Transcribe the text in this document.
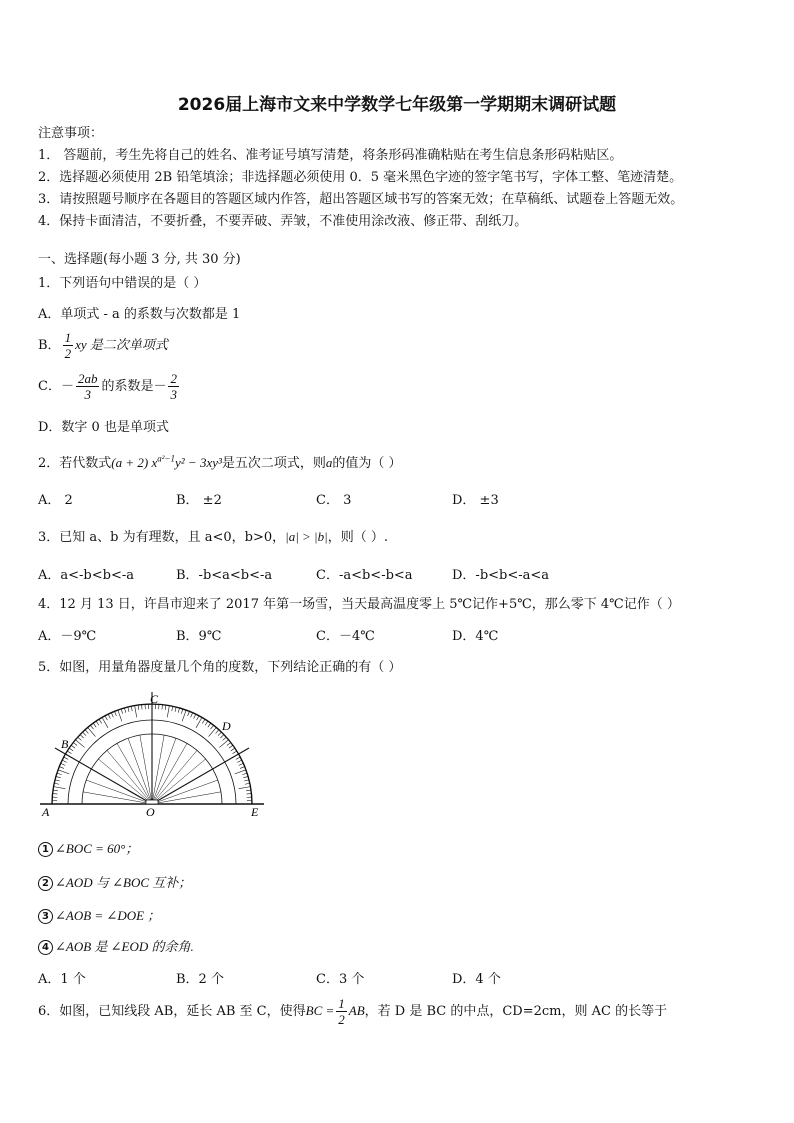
2026届上海市文来中学数学七年级第一学期期末调研试题
注意事项：
1． 答题前，考生先将自己的姓名、准考证号填写清楚，将条形码准确粘贴在考生信息条形码粘贴区。
2．选择题必须使用 2B 铅笔填涂；非选择题必须使用 0．5 毫米黑色字迹的签字笔书写，字体工整、笔迹清楚。
3．请按照题号顺序在各题目的答题区域内作答，超出答题区域书写的答案无效；在草稿纸、试题卷上答题无效。
4．保持卡面清洁，不要折叠，不要弄破、弄皱，不准使用涂改液、修正带、刮纸刀。
一、选择题(每小题 3 分, 共 30 分)
1．下列语句中错误的是（ ）
A．单项式 - a 的系数与次数都是 1
B． $\frac{1}{2}$ xy 是二次单项式
C．－ $\frac{2ab}{3}$ 的系数是－ $\frac{2}{3}$
D．数字 0 也是单项式
2．若代数式(a + 2) $x^{a^2-1}y^2 - 3xy^3$是五次二项式，则a的值为（ ）
A． 2	B． ±2	C． 3	D． ±3
3．已知 a、b 为有理数，且 a<0，b>0，|a| > |b|，则（ ）.
A．a<-b<b<-a	B．-b<a<b<-a	C．-a<b<-b<a	D．-b<b<-a<a
4．12 月 13 日，许昌市迎来了 2017 年第一场雪，当天最高温度零上 5℃记作+5℃，那么零下 4℃记作（ ）
A．－9℃	B．9℃	C．－4℃	D．4℃
5．如图，用量角器度量几个角的度数，下列结论正确的有（ ）
A
B
C
D
E
O
1 ∠BOC = 60°；
2 ∠AOD 与 ∠BOC 互补；
3 ∠AOB = ∠DOE ；
4 ∠AOB 是 ∠EOD 的余角.
A．1 个	B．2 个	C．3 个	D．4 个
6．如图，已知线段 AB，延长 AB 至 C，使得BC = $\frac{1}{2}$ AB，若 D 是 BC 的中点，CD=2cm，则 AC 的长等于
